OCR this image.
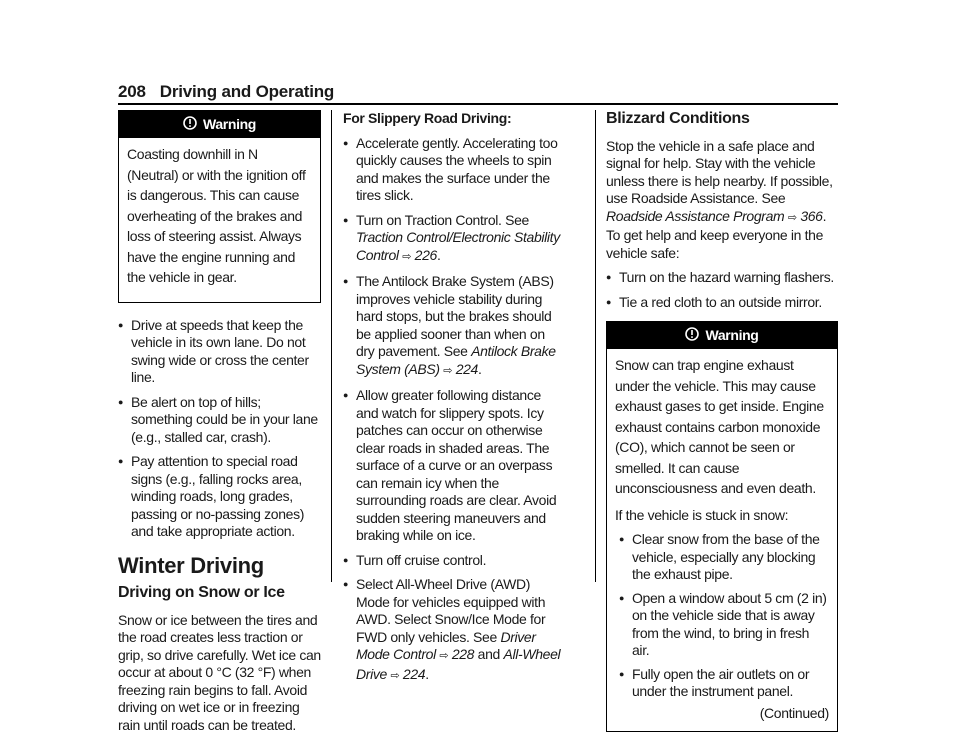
208 Driving and Operating
Warning

Coasting downhill in N (Neutral) or with the ignition off is dangerous. This can cause overheating of the brakes and loss of steering assist. Always have the engine running and the vehicle in gear.

● Drive at speeds that keep the vehicle in its own lane. Do not swing wide or cross the center line.
● Be alert on top of hills; something could be in your lane (e.g., stalled car, crash).
● Pay attention to special road signs (e.g., falling rocks area, winding roads, long grades, passing or no-passing zones) and take appropriate action.
Winter Driving
Driving on Snow or Ice

Snow or ice between the tires and the road creates less traction or grip, so drive carefully. Wet ice can occur at about 0 °C (32 °F) when freezing rain begins to fall. Avoid driving on wet ice or in freezing rain until roads can be treated.

For Slippery Road Driving:

● Accelerate gently. Accelerating too quickly causes the wheels to spin and makes the surface under the tires slick.
● Turn on Traction Control. See Traction Control/Electronic Stability Control ⇨ 226.
● The Antilock Brake System (ABS) improves vehicle stability during hard stops, but the brakes should be applied sooner than when on dry pavement. See Antilock Brake System (ABS) ⇨ 224.
● Allow greater following distance and watch for slippery spots. Icy patches can occur on otherwise clear roads in shaded areas. The surface of a curve or an overpass can remain icy when the surrounding roads are clear. Avoid sudden steering maneuvers and braking while on ice.
● Turn off cruise control.
● Select All-Wheel Drive (AWD) Mode for vehicles equipped with AWD. Select Snow/Ice Mode for FWD only vehicles. See Driver Mode Control ⇨ 228 and All-Wheel Drive ⇨ 224.
Blizzard Conditions

Stop the vehicle in a safe place and signal for help. Stay with the vehicle unless there is help nearby. If possible, use Roadside Assistance. See Roadside Assistance Program ⇨ 366. To get help and keep everyone in the vehicle safe:

● Turn on the hazard warning flashers.
● Tie a red cloth to an outside mirror.
Warning

Snow can trap engine exhaust under the vehicle. This may cause exhaust gases to get inside. Engine exhaust contains carbon monoxide (CO), which cannot be seen or smelled. It can cause unconsciousness and even death.

If the vehicle is stuck in snow:

● Clear snow from the base of the vehicle, especially any blocking the exhaust pipe.
● Open a window about 5 cm (2 in) on the vehicle side that is away from the wind, to bring in fresh air.
● Fully open the air outlets on or under the instrument panel.
(Continued)
